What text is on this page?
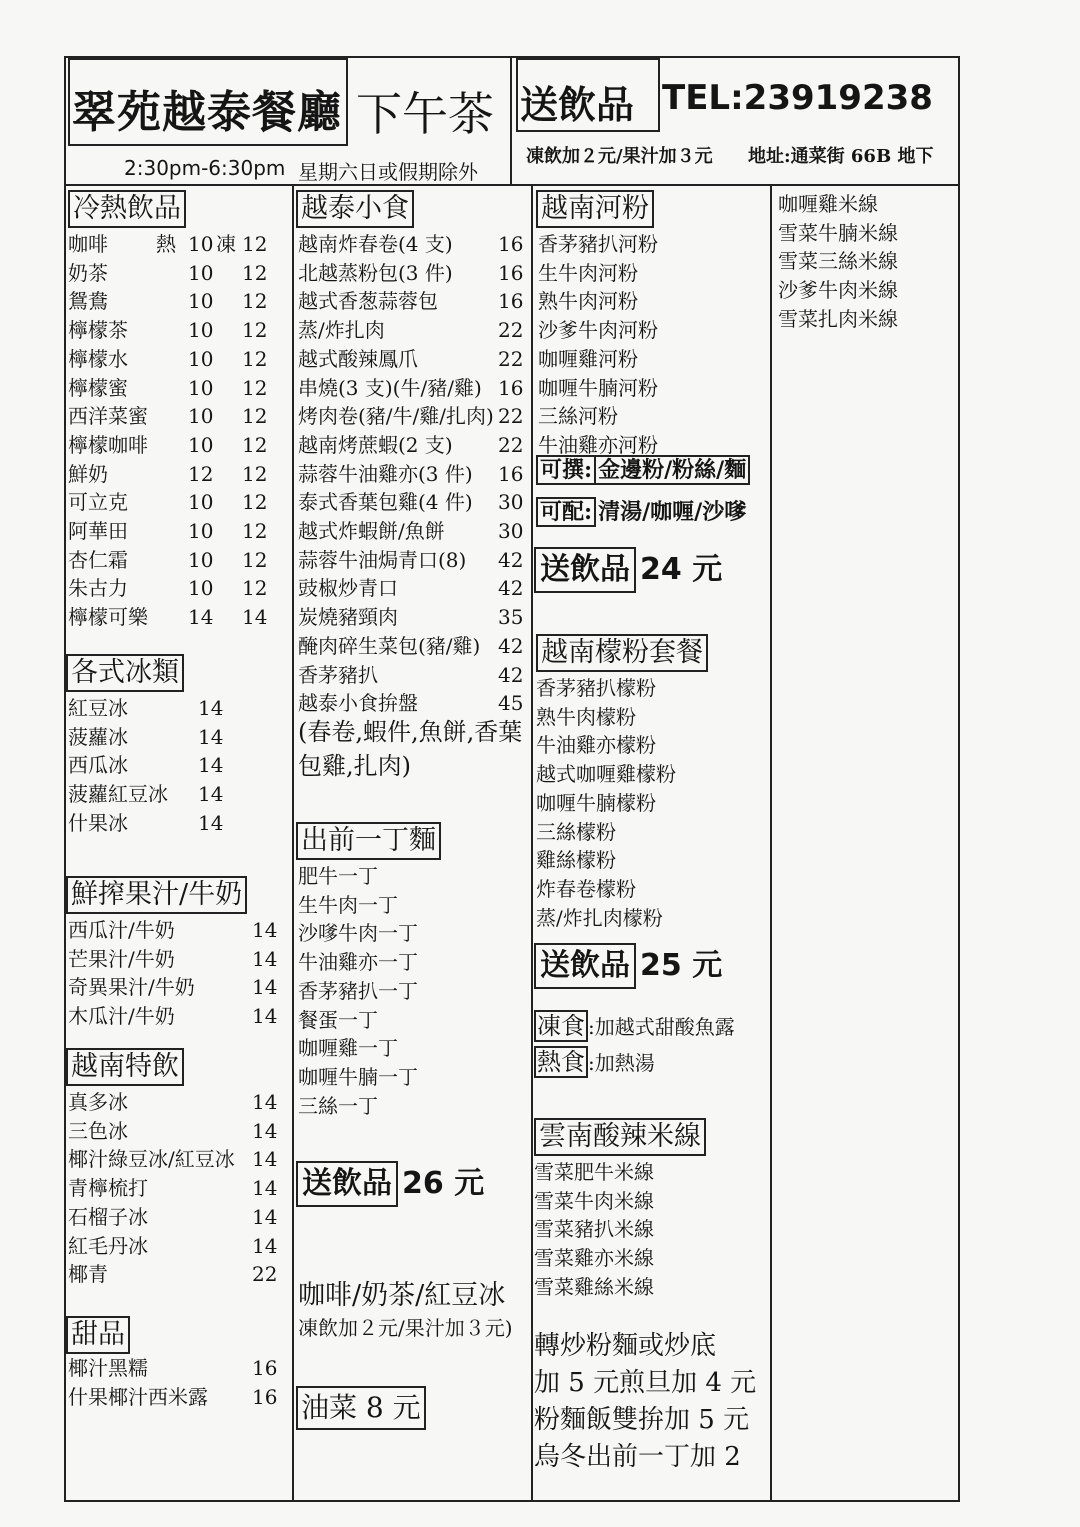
翠苑越泰餐廳 下午茶 送飲品 TEL:23919238
2:30pm-6:30pm 星期六日或假期除外
凍飲加２元/果汁加３元 地址:通菜街 66B 地下
冷熱飲品
咖啡 熱 10 凍 12
奶茶	10 12
鴛鴦	10 12
檸檬茶	10 12
檸檬水	10 12
檸檬蜜	10 12
西洋菜蜜 10 12
檸檬咖啡 10 12
鮮奶	12 12
可立克	10 12
阿華田	10 12
杏仁霜	10 12
朱古力	10 12
檸檬可樂 14 14
各式冰類
紅豆冰	14
菠蘿冰	14
西瓜冰	14
菠蘿紅豆冰 14
什果冰	14
鮮搾果汁/牛奶
西瓜汁/牛奶	14
芒果汁/牛奶	14
奇異果汁/牛奶	14
木瓜汁/牛奶	14
越南特飲
真多冰	14
三色冰	14
椰汁綠豆冰/紅豆冰 14
青檸梳打	14
石榴子冰	14
紅毛丹冰	14
椰青	22
甜品
椰汁黑糯	16
什果椰汁西米露 16
越泰小食
越南炸春卷(4 支) 16
北越蒸粉包(3 件) 16
越式香葱蒜蓉包	16
蒸/炸扎肉	22
越式酸辣鳳爪	22
串燒(3 支)(牛/豬/雞) 16
烤肉卷(豬/牛/雞/扎肉) 22
越南烤蔗蝦(2 支) 22
蒜蓉牛油雞亦(3 件) 16
泰式香葉包雞(4 件) 30
越式炸蝦餅/魚餅	30
蒜蓉牛油焗青口(8) 42
豉椒炒青口	42
炭燒豬頸肉	35
醃肉碎生菜包(豬/雞) 42
香茅豬扒	42
越泰小食拚盤	45
(春卷,蝦件,魚餅,香葉
包雞,扎肉)
出前一丁麵
肥牛一丁
生牛肉一丁
沙嗲牛肉一丁
牛油雞亦一丁
香茅豬扒一丁
餐蛋一丁
咖喱雞一丁
咖喱牛腩一丁
三絲一丁
送飲品 26 元
咖啡/奶茶/紅豆冰
凍飲加２元/果汁加３元)
油菜 8 元
越南河粉
香茅豬扒河粉
生牛肉河粉
熟牛肉河粉
沙爹牛肉河粉
咖喱雞河粉
咖喱牛腩河粉
三絲河粉
牛油雞亦河粉
可撰: 金邊粉/粉絲/麵
可配: 清湯/咖喱/沙嗲
送飲品 24 元
越南檬粉套餐
香茅豬扒檬粉
熟牛肉檬粉
牛油雞亦檬粉
越式咖喱雞檬粉
咖喱牛腩檬粉
三絲檬粉
雞絲檬粉
炸春卷檬粉
蒸/炸扎肉檬粉
送飲品 25 元
凍食 :加越式甜酸魚露
熱食 :加熱湯
雲南酸辣米線
雪菜肥牛米線
雪菜牛肉米線
雪菜豬扒米線
雪菜雞亦米線
雪菜雞絲米線
轉炒粉麵或炒底
加 5 元煎旦加 4 元
粉麵飯雙拚加 5 元
烏冬出前一丁加 2
咖喱雞米線
雪菜牛腩米線
雪菜三絲米線
沙爹牛肉米線
雪菜扎肉米線
